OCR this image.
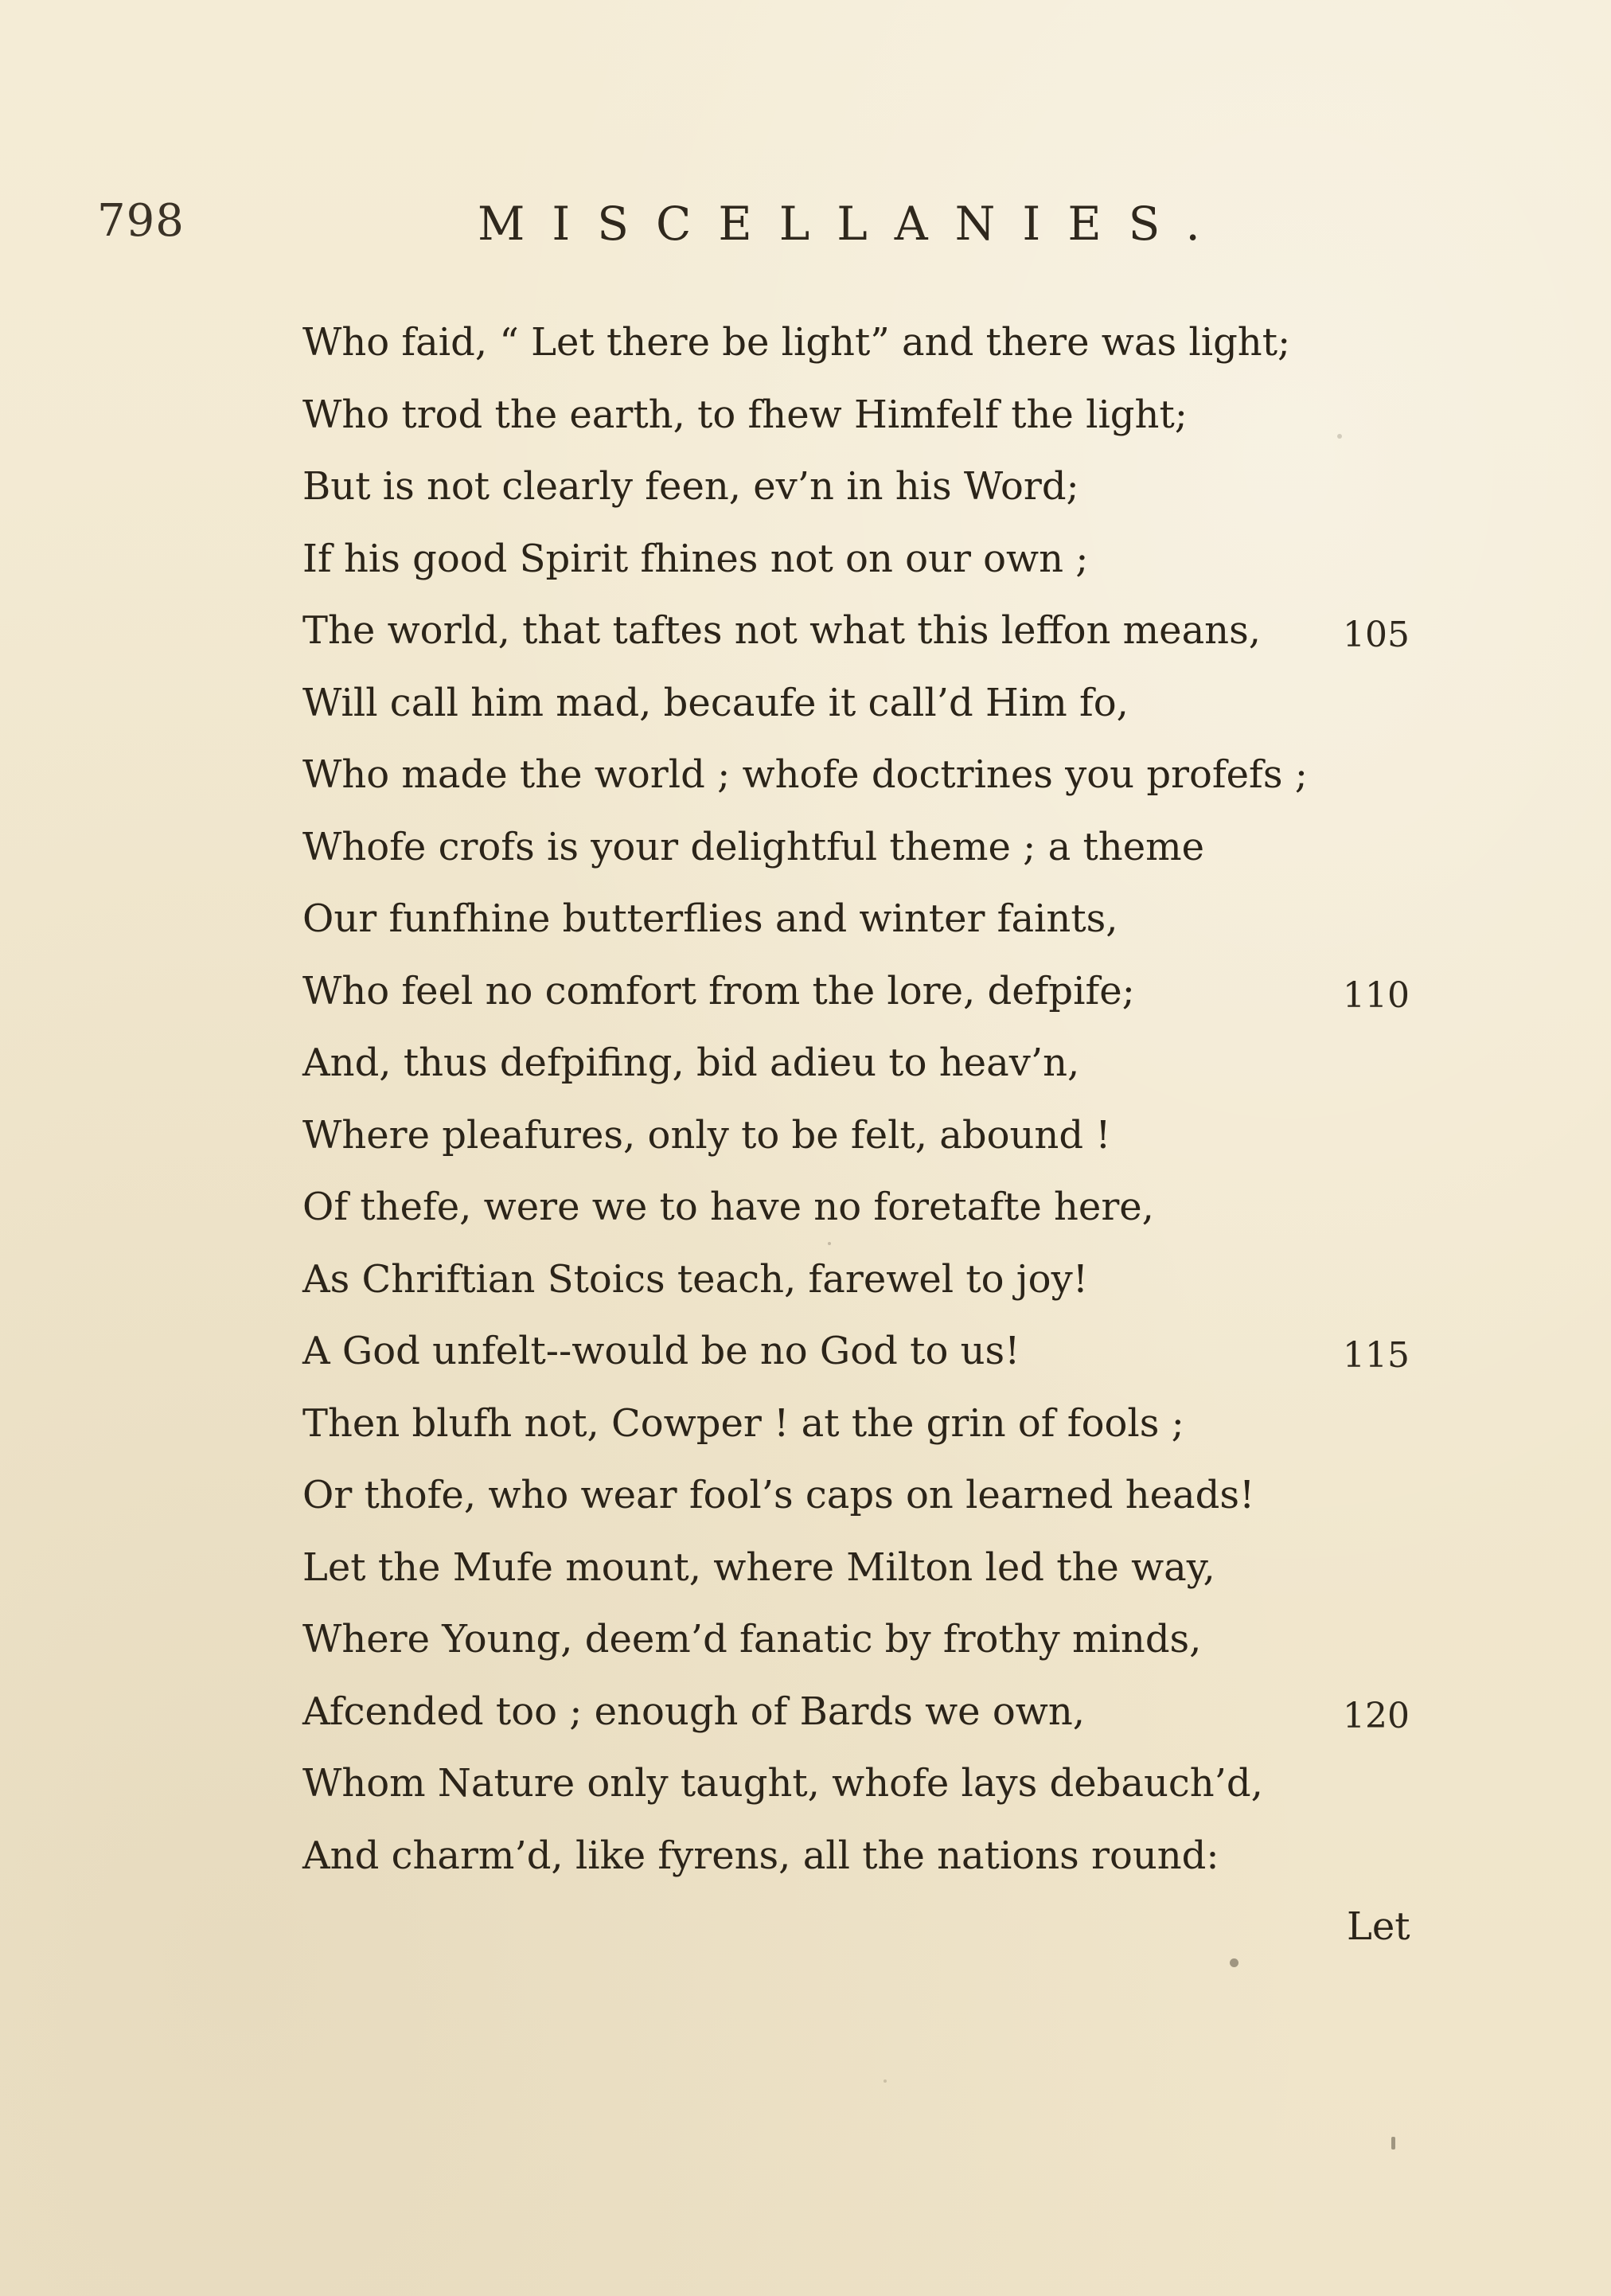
798	MISCELLANIES.
Who faid, “ Let there be light” and there was light;
Who trod the earth, to fhew Himfelf the light;
But is not clearly feen, ev’n in his Word;
If his good Spirit fhines not on our own ;
The world, that taftes not what this leffon means, 105
Will call him mad, becaufe it call’d Him fo,
Who made the world ; whofe doctrines you profefs ;
Whofe crofs is your delightful theme ; a theme
Our funfhine butterflies and winter faints,
Who feel no comfort from the lore, defpife;	110
And, thus defpifing, bid adieu to heav’n,
Where pleafures, only to be felt, abound !
Of thefe, were we to have no foretafte here,
As Chriftian Stoics teach, farewel to joy!
A God unfelt--would be no God to us!	115
Then blufh not, Cowper ! at the grin of fools ;
Or thofe, who wear fool’s caps on learned heads!
Let the Mufe mount, where Milton led the way,
Where Young, deem’d fanatic by frothy minds,
Afcended too ; enough of Bards we own,	120
Whom Nature only taught, whofe lays debauch’d,
And charm’d, like fyrens, all the nations round:
Let
